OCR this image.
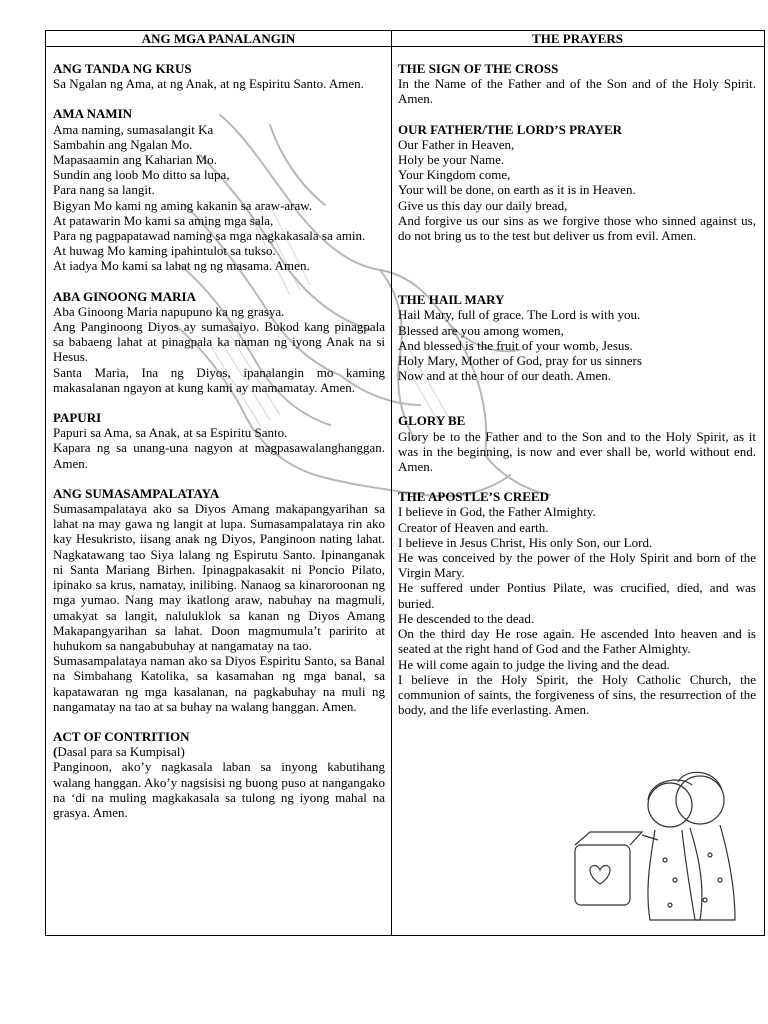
ANG MGA PANALANGIN	THE PRAYERS
ANG TANDA NG KRUS
Sa Ngalan ng Ama, at ng Anak, at ng Espiritu Santo. Amen.
AMA NAMIN
Ama naming, sumasalangit Ka
Sambahin ang Ngalan Mo.
Mapasaamin ang Kaharian Mo.
Sundin ang loob Mo ditto sa lupa,
Para nang sa langit.
Bigyan Mo kami ng aming kakanin sa araw-araw.
At patawarin Mo kami sa aming mga sala,
Para ng pagpapatawad naming sa mga nagkakasala sa amin.
At huwag Mo kaming ipahintulot sa tukso.
At iadya Mo kami sa lahat ng ng masama. Amen.
ABA GINOONG MARIA
Aba Ginoong Maria napupuno ka ng grasya.
Ang Panginoong Diyos ay sumasaiyo. Bukod kang pinagpala sa babaeng lahat at pinagpala ka naman ng iyong Anak na si Hesus.
Santa Maria, Ina ng Diyos, ipanalangin mo kaming makasalanan ngayon at kung kami ay mamamatay. Amen.
PAPURI
Papuri sa Ama, sa Anak, at sa Espiritu Santo.
Kapara ng sa unang-una nagyon at magpasawalanghanggan. Amen.
ANG SUMASAMPALATAYA
Sumasampalataya ako sa Diyos Amang makapangyarihan sa lahat na may gawa ng langit at lupa. Sumasampalataya rin ako kay Hesukristo, iisang anak ng Diyos, Panginoon nating lahat. Nagkatawang tao Siya lalang ng Espirutu Santo. Ipinanganak ni Santa Mariang Birhen. Ipinagpakasakit ni Poncio Pilato, ipinako sa krus, namatay, inilibing. Nanaog sa kinaroroonan ng mga yumao. Nang may ikatlong araw, nabuhay na magmuli, umakyat sa langit, naluluklok sa kanan ng Diyos Amang Makapangyarihan sa lahat. Doon magmumula’t paririto at huhukom sa nangabubuhay at nangamatay na tao.
Sumasampalataya naman ako sa Diyos Espiritu Santo, sa Banal na Simbahang Katolika, sa kasamahan ng mga banal, sa kapatawaran ng mga kasalanan, na pagkabuhay na muli ng nangamatay na tao at sa buhay na walang hanggan. Amen.
ACT OF CONTRITION
(Dasal para sa Kumpisal)
Panginoon, ako’y nagkasala laban sa inyong kabutihang walang hanggan. Ako’y nagsisisi ng buong puso at nangangako na ‘di na muling magkakasala sa tulong ng iyong mahal na grasya. Amen.
THE SIGN OF THE CROSS
In the Name of the Father and of the Son and of the Holy Spirit. Amen.
OUR FATHER/THE LORD’S PRAYER
Our Father in Heaven,
Holy be your Name.
Your Kingdom come,
Your will be done, on earth as it is in Heaven.
Give us this day our daily bread,
And forgive us our sins as we forgive those who sinned against us, do not bring us to the test but deliver us from evil. Amen.
THE HAIL MARY
Hail Mary, full of grace. The Lord is with you.
Blessed are you among women,
And blessed is the fruit of your womb, Jesus.
Holy Mary, Mother of God, pray for us sinners
Now and at the hour of our death. Amen.
GLORY BE
Glory be to the Father and to the Son and to the Holy Spirit, as it was in the beginning, is now and ever shall be, world without end. Amen.
THE APOSTLE’S CREED
I believe in God, the Father Almighty.
Creator of Heaven and earth.
I believe in Jesus Christ, His only Son, our Lord.
He was conceived by the power of the Holy Spirit and born of the Virgin Mary.
He suffered under Pontius Pilate, was crucified, died, and was buried.
He descended to the dead.
On the third day He rose again. He ascended Into heaven and is seated at the right hand of God and the Father Almighty.
He will come again to judge the living and the dead.
I believe in the Holy Spirit, the Holy Catholic Church, the communion of saints, the forgiveness of sins, the resurrection of the body, and the life everlasting. Amen.
